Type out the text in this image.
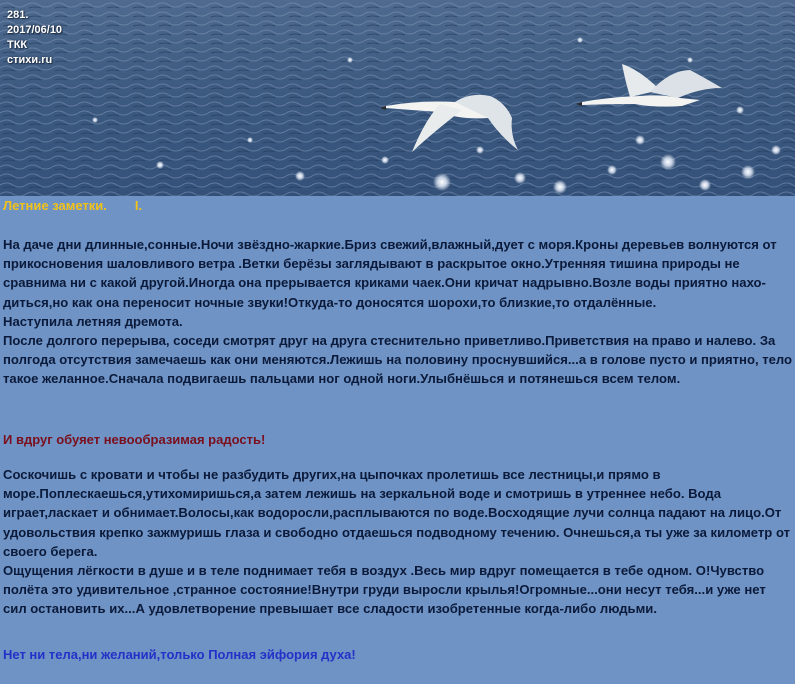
281.
2017/06/10
ТКК
стихи.ru
Летние заметки. I.

На даче дни длинные,сонные.Ночи звёздно-жаркие.Бриз свежий,влажный,дует с моря.Кроны деревьев волнуются от прикосновения шаловливого ветра .Ветки берёзы заглядывают в раскрытое окно.Утренняя тишина природы не сравнима ни с какой другой.Иногда она прерывается криками чаек.Они кричат надрывно.Возле воды приятно нахо-диться,но как она переносит ночные звуки!Откуда-то доносятся шорохи,то близкие,то отдалённые.

Наступила летняя дремота.

После долгого перерыва, соседи смотрят друг на друга стеснительно приветливо.Приветствия на право и налево. За полгода отсутствия замечаешь как они меняются.Лежишь на половину проснувшийся...а в голове пусто и приятно, тело такое желанное.Сначала подвигаешь пальцами ног одной ноги.Улыбнёшься и потянешься всем телом.

И вдруг обуяет невообразимая радость!

Соскочишь с кровати и чтобы не разбудить других,на цыпочках пролетишь все лестницы,и прямо в море.Поплескаешься,утихомиришься,а затем лежишь на зеркальной воде и смотришь в утреннее небо. Вода играет,ласкает и обнимает.Волосы,как водоросли,расплываются по воде.Восходящие лучи солнца падают на лицо.От удовольствия крепко зажмуришь глаза и свободно отдаешься подводному течению. Очнешься,а ты уже за километр от своего берега.

Ощущения лёгкости в душе и в теле поднимает тебя в воздух .Весь мир вдруг помещается в тебе одном. О!Чувство полёта это удивительное ,странное состояние!Внутри груди выросли крылья!Огромные...они несут тебя...и уже нет сил остановить их...А удовлетворение превышает все сладости изобретенные когда-либо людьми.

Нет ни тела,ни желаний,только Полная эйфория духа!
